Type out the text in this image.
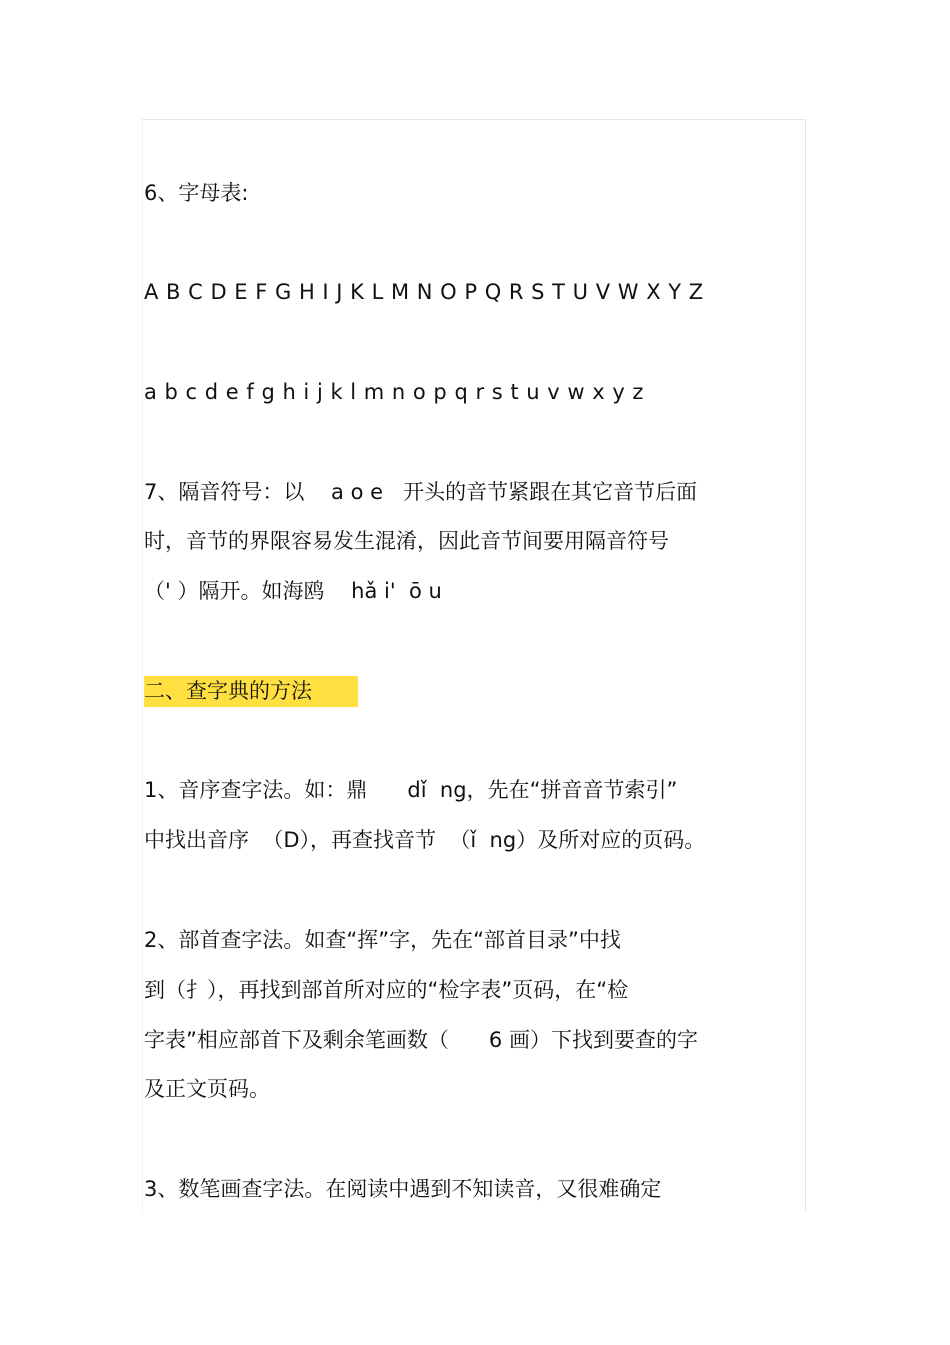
6、字母表:
A B C D E F G H I J K L M N O P Q R S T U V W X Y Z
a b c d e f g h i j k l m n o p q r s t u v w x y z
7、隔音符号：以    a o e   开头的音节紧跟在其它音节后面
时，音节的界限容易发生混淆，因此音节间要用隔音符号
（' ）隔开。如海鸥    hǎ i'  ō u
二、查字典的方法
1、音序查字法。如：鼎      dǐ  ng，先在“拼音音节索引”
中找出音序  （D），再查找音节  （ǐ  ng）及所对应的页码。
2、部首查字法。如查“挥”字，先在“部首目录”中找
到（扌），再找到部首所对应的“检字表”页码，在“检
字表”相应部首下及剩余笔画数（      6 画）下找到要查的字
及正文页码。
3、数笔画查字法。在阅读中遇到不知读音，又很难确定
